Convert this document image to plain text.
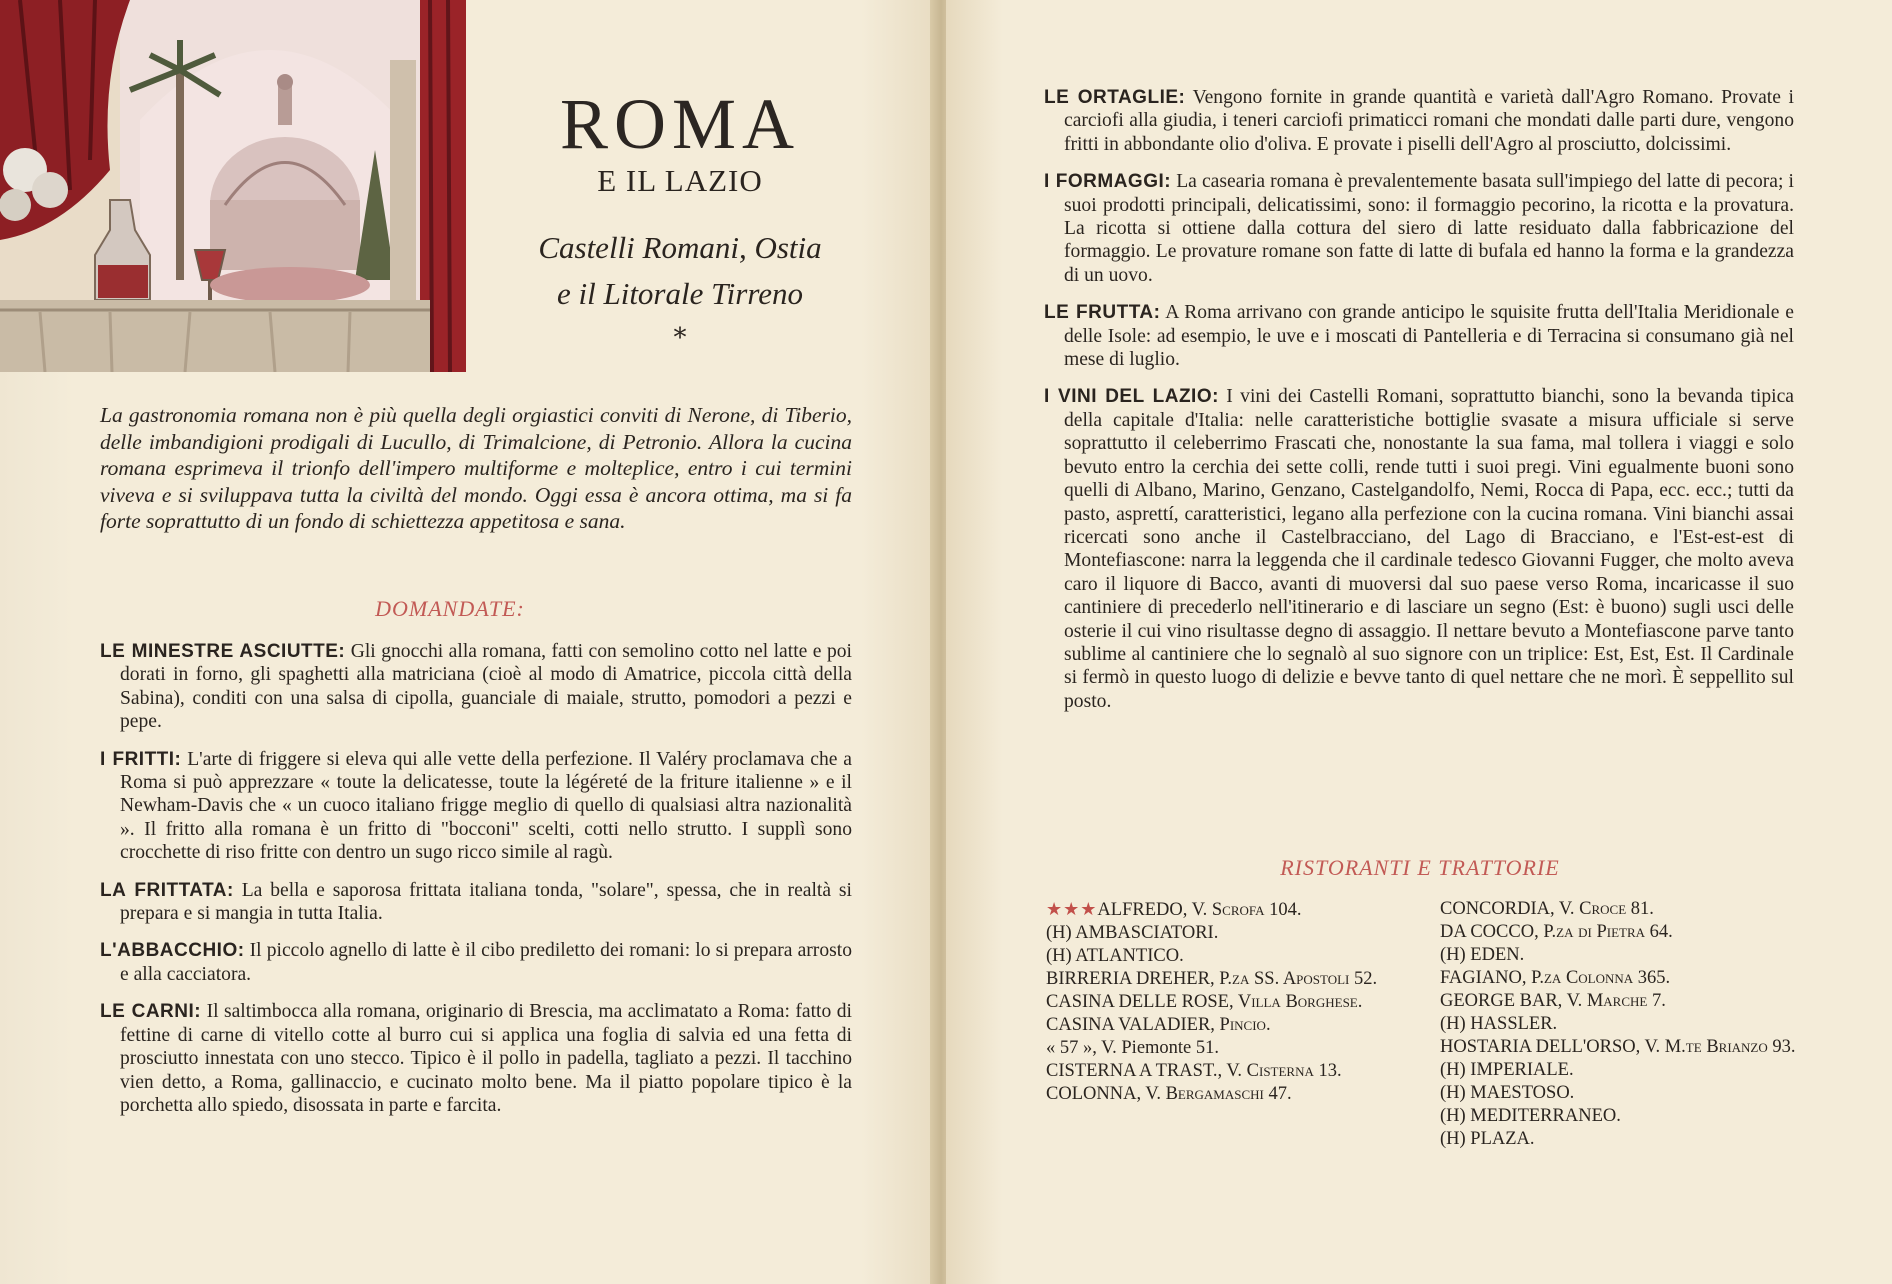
ROMA
E IL LAZIO
Castelli Romani, Ostia
e il Litorale Tirreno
*
La gastronomia romana non è più quella degli orgiastici conviti di Nerone, di Tiberio, delle imbandigioni prodigali di Lucullo, di Trimalcione, di Petronio. Allora la cucina romana esprimeva il trionfo dell'impero multiforme e molteplice, entro i cui termini viveva e si sviluppava tutta la civiltà del mondo. Oggi essa è ancora ottima, ma si fa forte soprattutto di un fondo di schiettezza appetitosa e sana.
DOMANDATE:

LE MINESTRE ASCIUTTE: Gli gnocchi alla romana, fatti con semolino cotto nel latte e poi dorati in forno, gli spaghetti alla matriciana (cioè al modo di Amatrice, piccola città della Sabina), conditi con una salsa di cipolla, guanciale di maiale, strutto, pomodori a pezzi e pepe.

I FRITTI: L'arte di friggere si eleva qui alle vette della perfezione. Il Valéry proclamava che a Roma si può apprezzare « toute la delicatesse, toute la légéreté de la friture italienne » e il Newham-Davis che « un cuoco italiano frigge meglio di quello di qualsiasi altra nazionalità ». Il fritto alla romana è un fritto di "bocconi" scelti, cotti nello strutto. I supplì sono crocchette di riso fritte con dentro un sugo ricco simile al ragù.

LA FRITTATA: La bella e saporosa frittata italiana tonda, "solare", spessa, che in realtà si prepara e si mangia in tutta Italia.

L'ABBACCHIO: Il piccolo agnello di latte è il cibo prediletto dei romani: lo si prepara arrosto e alla cacciatora.

LE CARNI: Il saltimbocca alla romana, originario di Brescia, ma acclimatato a Roma: fatto di fettine di carne di vitello cotte al burro cui si applica una foglia di salvia ed una fetta di prosciutto innestata con uno stecco. Tipico è il pollo in padella, tagliato a pezzi. Il tacchino vien detto, a Roma, gallinaccio, e cucinato molto bene. Ma il piatto popolare tipico è la porchetta allo spiedo, disossata in parte e farcita.

LE ORTAGLIE: Vengono fornite in grande quantità e varietà dall'Agro Romano. Provate i carciofi alla giudia, i teneri carciofi primaticci romani che mondati dalle parti dure, vengono fritti in abbondante olio d'oliva. E provate i piselli dell'Agro al prosciutto, dolcissimi.

I FORMAGGI: La casearia romana è prevalentemente basata sull'impiego del latte di pecora; i suoi prodotti principali, delicatissimi, sono: il formaggio pecorino, la ricotta e la provatura. La ricotta si ottiene dalla cottura del siero di latte residuato dalla fabbricazione del formaggio. Le provature romane son fatte di latte di bufala ed hanno la forma e la grandezza di un uovo.

LE FRUTTA: A Roma arrivano con grande anticipo le squisite frutta dell'Italia Meridionale e delle Isole: ad esempio, le uve e i moscati di Pantelleria e di Terracina si consumano già nel mese di luglio.

I VINI DEL LAZIO: I vini dei Castelli Romani, soprattutto bianchi, sono la bevanda tipica della capitale d'Italia: nelle caratteristiche bottiglie svasate a misura ufficiale si serve soprattutto il celeberrimo Frascati che, nonostante la sua fama, mal tollera i viaggi e solo bevuto entro la cerchia dei sette colli, rende tutti i suoi pregi. Vini egualmente buoni sono quelli di Albano, Marino, Genzano, Castelgandolfo, Nemi, Rocca di Papa, ecc. ecc.; tutti da pasto, asprettí, caratteristici, legano alla perfezione con la cucina romana. Vini bianchi assai ricercati sono anche il Castelbracciano, del Lago di Bracciano, e l'Est-est-est di Montefiascone: narra la leggenda che il cardinale tedesco Giovanni Fugger, che molto aveva caro il liquore di Bacco, avanti di muoversi dal suo paese verso Roma, incaricasse il suo cantiniere di precederlo nell'itinerario e di lasciare un segno (Est: è buono) sugli usci delle osterie il cui vino risultasse degno di assaggio. Il nettare bevuto a Montefiascone parve tanto sublime al cantiniere che lo segnalò al suo signore con un triplice: Est, Est, Est. Il Cardinale si fermò in questo luogo di delizie e bevve tanto di quel nettare che ne morì. È seppellito sul posto.

RISTORANTI E TRATTORIE
★★★ALFREDO, V. Scrofa 104.
(H) AMBASCIATORI.
(H) ATLANTICO.
BIRRERIA DREHER, P.za SS. Apostoli 52.
CASINA DELLE ROSE, Villa Borghese.
CASINA VALADIER, Pincio.
« 57 », V. Piemonte 51.
CISTERNA A TRAST., V. Cisterna 13.
COLONNA, V. Bergamaschi 47.
CONCORDIA, V. Croce 81.
DA COCCO, P.za di Pietra 64.
(H) EDEN.
FAGIANO, P.za Colonna 365.
GEORGE BAR, V. Marche 7.
(H) HASSLER.
HOSTARIA DELL'ORSO, V. M.te Brianzo 93.
(H) IMPERIALE.
(H) MAESTOSO.
(H) MEDITERRANEO.
(H) PLAZA.
